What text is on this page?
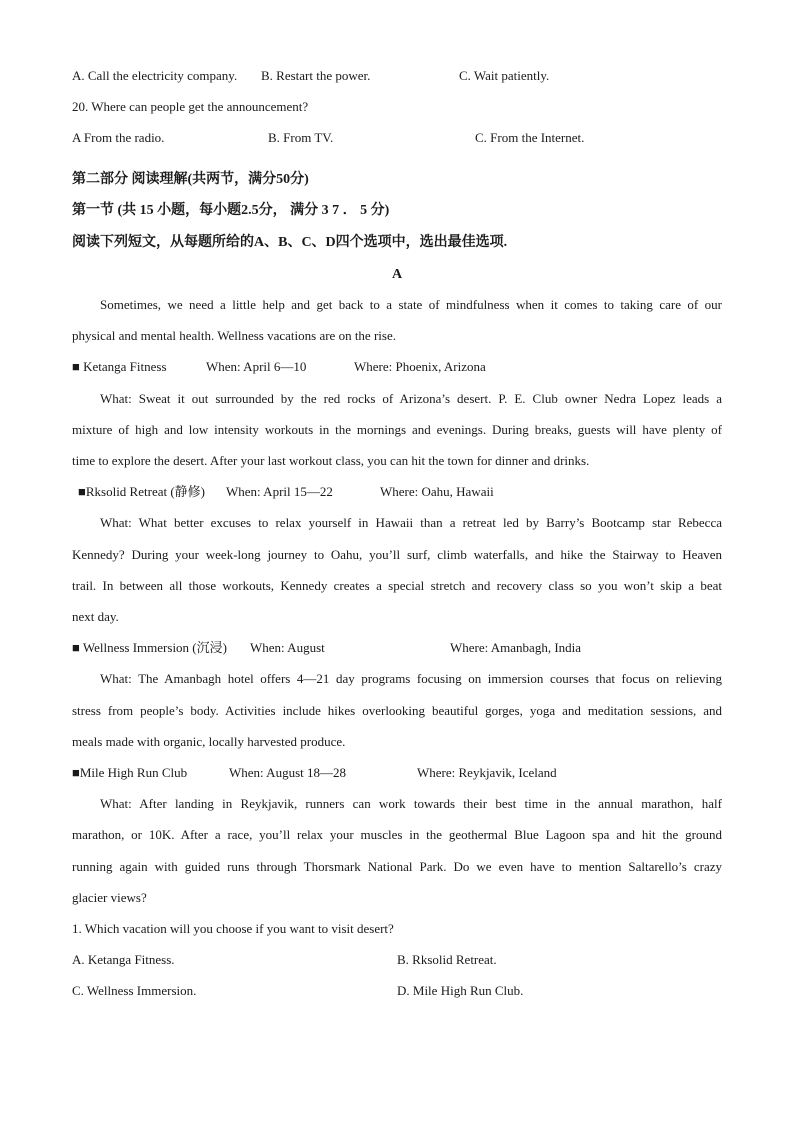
A. Call the electricity company. B. Restart the power.	C. Wait patiently.
20. Where can people get the announcement?
A From the radio.	B. From TV.	C. From the Internet.
第二部分 阅读理解(共两节，满分50分)
第一节 (共 15 小题，每小题2.5分， 满分 3 7 ． 5 分)
阅读下列短文，从每题所给的A、B、C、D四个选项中，选出最佳选项.
A
Sometimes, we need a little help and get back to a state of mindfulness when it comes to taking care of our
physical and mental health. Wellness vacations are on the rise.
■ Ketanga Fitness	When: April 6—10	Where: Phoenix, Arizona
What: Sweat it out surrounded by the red rocks of Arizona’s desert. P. E. Club owner Nedra Lopez leads a
mixture of high and low intensity workouts in the mornings and evenings. During breaks, guests will have plenty of
time to explore the desert. After your last workout class, you can hit the town for dinner and drinks.
■Rksolid Retreat (静修) When: April 15—22	Where: Oahu, Hawaii
What: What better excuses to relax yourself in Hawaii than a retreat led by Barry’s Bootcamp star Rebecca
Kennedy? During your week-long journey to Oahu, you’ll surf, climb waterfalls, and hike the Stairway to Heaven
trail. In between all those workouts, Kennedy creates a special stretch and recovery class so you won’t skip a beat
next day.
■ Wellness Immersion (沉浸) When: August	Where: Amanbagh, India
What: The Amanbagh hotel offers 4—21 day programs focusing on immersion courses that focus on relieving
stress from people’s body. Activities include hikes overlooking beautiful gorges, yoga and meditation sessions, and
meals made with organic, locally harvested produce.
■Mile High Run Club	When: August 18—28	Where: Reykjavik, Iceland
What: After landing in Reykjavik, runners can work towards their best time in the annual marathon, half
marathon, or 10K. After a race, you’ll relax your muscles in the geothermal Blue Lagoon spa and hit the ground
running again with guided runs through Thorsmark National Park. Do we even have to mention Saltarello’s crazy
glacier views?
1. Which vacation will you choose if you want to visit desert?
A. Ketanga Fitness.	B. Rksolid Retreat.
C. Wellness Immersion.	D. Mile High Run Club.
